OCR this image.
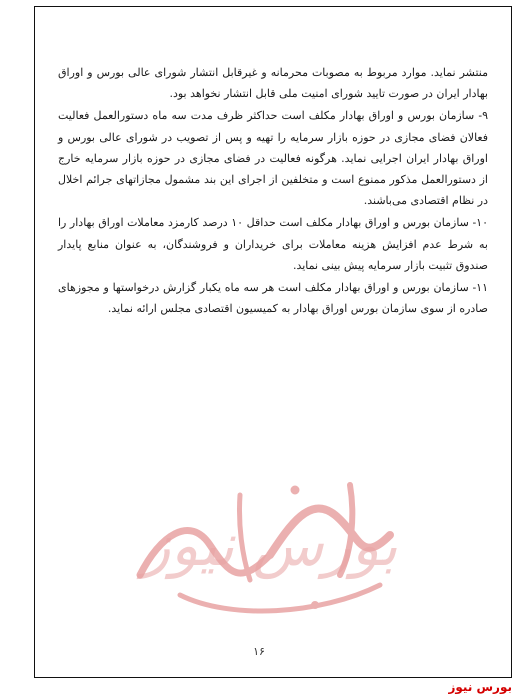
منتشر نماید. موارد مربوط به مصوبات محرمانه و غیرقابل انتشار شورای عالی بورس و اوراق بهادار ایران در صورت تایید شورای امنیت ملی قابل انتشار نخواهد بود.

۹- سازمان بورس و اوراق بهادار مکلف است حداکثر ظرف مدت سه ماه دستورالعمل فعالیت فعالان فضای مجازی در حوزه بازار سرمایه را تهیه و پس از تصویب در شورای عالی بورس و اوراق بهادار ایران اجرایی نماید. هرگونه فعالیت در فضای مجازی در حوزه بازار سرمایه خارج از دستورالعمل مذکور ممنوع است و متخلفین از اجرای این بند مشمول مجازاتهای جرائم اخلال در نظام اقتصادی می‌باشند.

۱۰- سازمان بورس و اوراق بهادار مکلف است حداقل ۱۰ درصد کارمزد معاملات اوراق بهادار را به شرط عدم افزایش هزینه معاملات برای خریداران و فروشندگان، به عنوان منابع پایدار صندوق تثبیت بازار سرمایه پیش بینی نماید.

۱۱- سازمان بورس و اوراق بهادار مکلف است هر سه ماه یکبار گزارش درخواستها و مجوزهای صادره از سوی سازمان بورس اوراق بهادار به کمیسیون اقتصادی مجلس ارائه نماید.

بورس نیوز
۱۶
بورس نیوز
